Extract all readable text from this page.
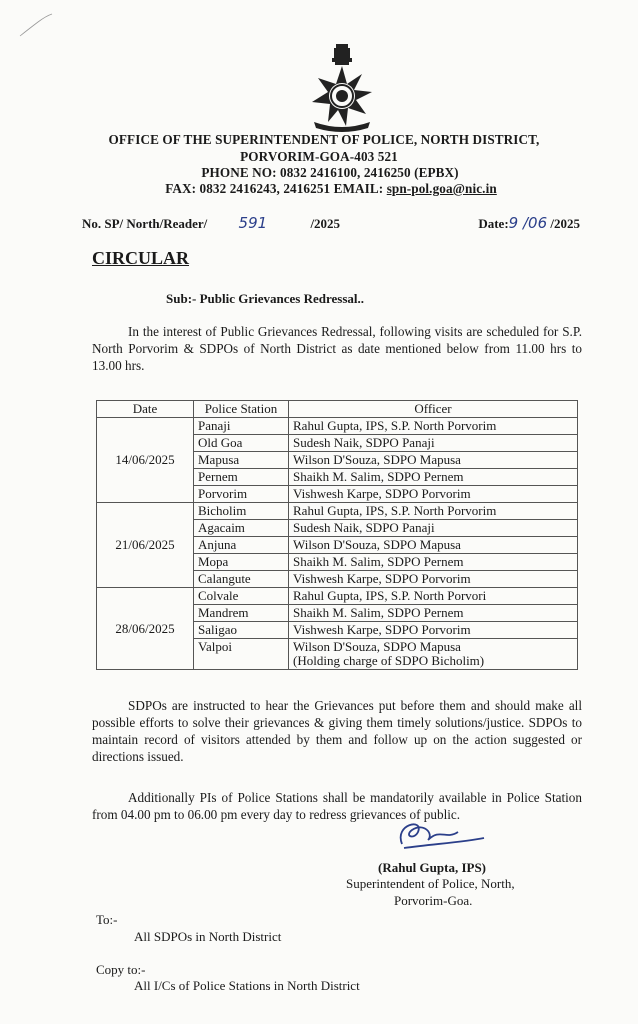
OFFICE OF THE SUPERINTENDENT OF POLICE, NORTH DISTRICT,
PORVORIM-GOA-403 521
PHONE NO: 0832 2416100, 2416250 (EPBX)
FAX: 0832 2416243, 2416251 EMAIL: spn-pol.goa@nic.in
No. SP/ North/Reader/ 591	/2025	Date:9 /06 /2025
CIRCULAR
Sub:- Public Grievances Redressal..
In the interest of Public Grievances Redressal, following visits are scheduled for S.P. North Porvorim & SDPOs of North District as date mentioned below from 11.00 hrs to 13.00 hrs.
Date	Police Station	Officer
14/06/2025	Panaji	Rahul Gupta, IPS, S.P. North Porvorim
	Old Goa	Sudesh Naik, SDPO Panaji
	Mapusa	Wilson D'Souza, SDPO Mapusa
	Pernem	Shaikh M. Salim, SDPO Pernem
	Porvorim	Vishwesh Karpe, SDPO Porvorim
21/06/2025	Bicholim	Rahul Gupta, IPS, S.P. North Porvorim
	Agacaim	Sudesh Naik, SDPO Panaji
	Anjuna	Wilson D'Souza, SDPO Mapusa
	Mopa	Shaikh M. Salim, SDPO Pernem
	Calangute	Vishwesh Karpe, SDPO Porvorim
28/06/2025	Colvale	Rahul Gupta, IPS, S.P. North Porvori
	Mandrem	Shaikh M. Salim, SDPO Pernem
	Saligao	Vishwesh Karpe, SDPO Porvorim
	Valpoi	Wilson D'Souza, SDPO Mapusa
(Holding charge of SDPO Bicholim)
SDPOs are instructed to hear the Grievances put before them and should make all possible efforts to solve their grievances & giving them timely solutions/justice. SDPOs to maintain record of visitors attended by them and follow up on the action suggested or directions issued.
Additionally PIs of Police Stations shall be mandatorily available in Police Station from 04.00 pm to 06.00 pm every day to redress grievances of public.
(Rahul Gupta, IPS)
Superintendent of Police, North,
Porvorim-Goa.
To:-
All SDPOs in North District
Copy to:-
All I/Cs of Police Stations in North District
